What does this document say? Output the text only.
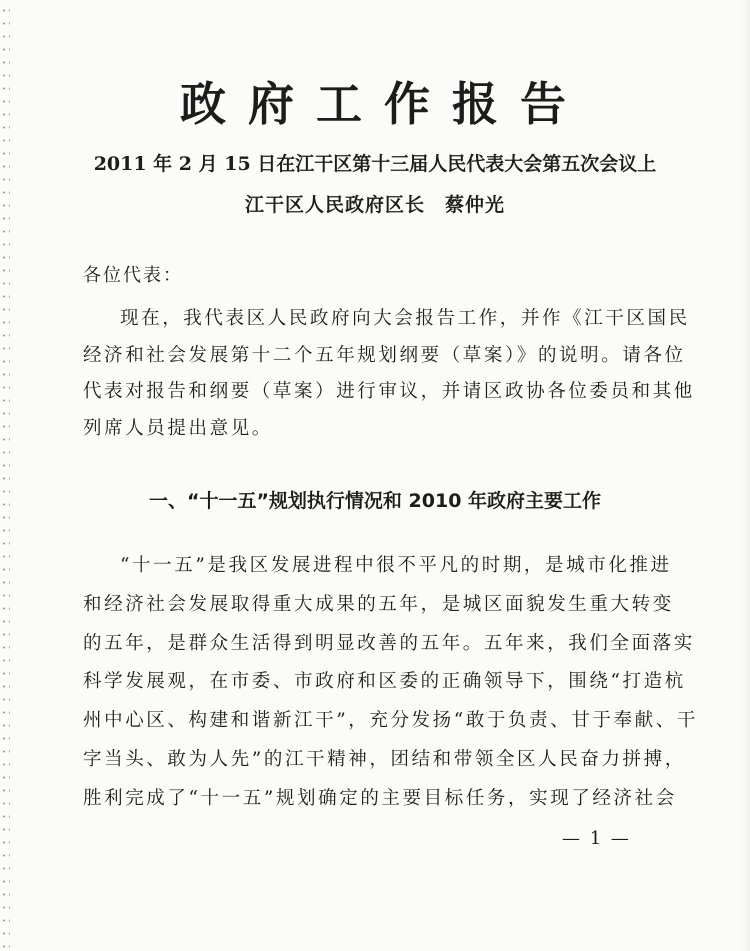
政府工作报告
2011 年 2 月 15 日在江干区第十三届人民代表大会第五次会议上
江干区人民政府区长　蔡仲光
各位代表：
现在，我代表区人民政府向大会报告工作，并作《江干区国民
经济和社会发展第十二个五年规划纲要（草案）》的说明。请各位
代表对报告和纲要（草案）进行审议，并请区政协各位委员和其他
列席人员提出意见。
一、“十一五”规划执行情况和 2010 年政府主要工作
“十一五”是我区发展进程中很不平凡的时期，是城市化推进
和经济社会发展取得重大成果的五年，是城区面貌发生重大转变
的五年，是群众生活得到明显改善的五年。五年来，我们全面落实
科学发展观，在市委、市政府和区委的正确领导下，围绕“打造杭
州中心区、构建和谐新江干”，充分发扬“敢于负责、甘于奉献、干
字当头、敢为人先”的江干精神，团结和带领全区人民奋力拼搏，
胜利完成了“十一五”规划确定的主要目标任务，实现了经济社会
— 1 —
